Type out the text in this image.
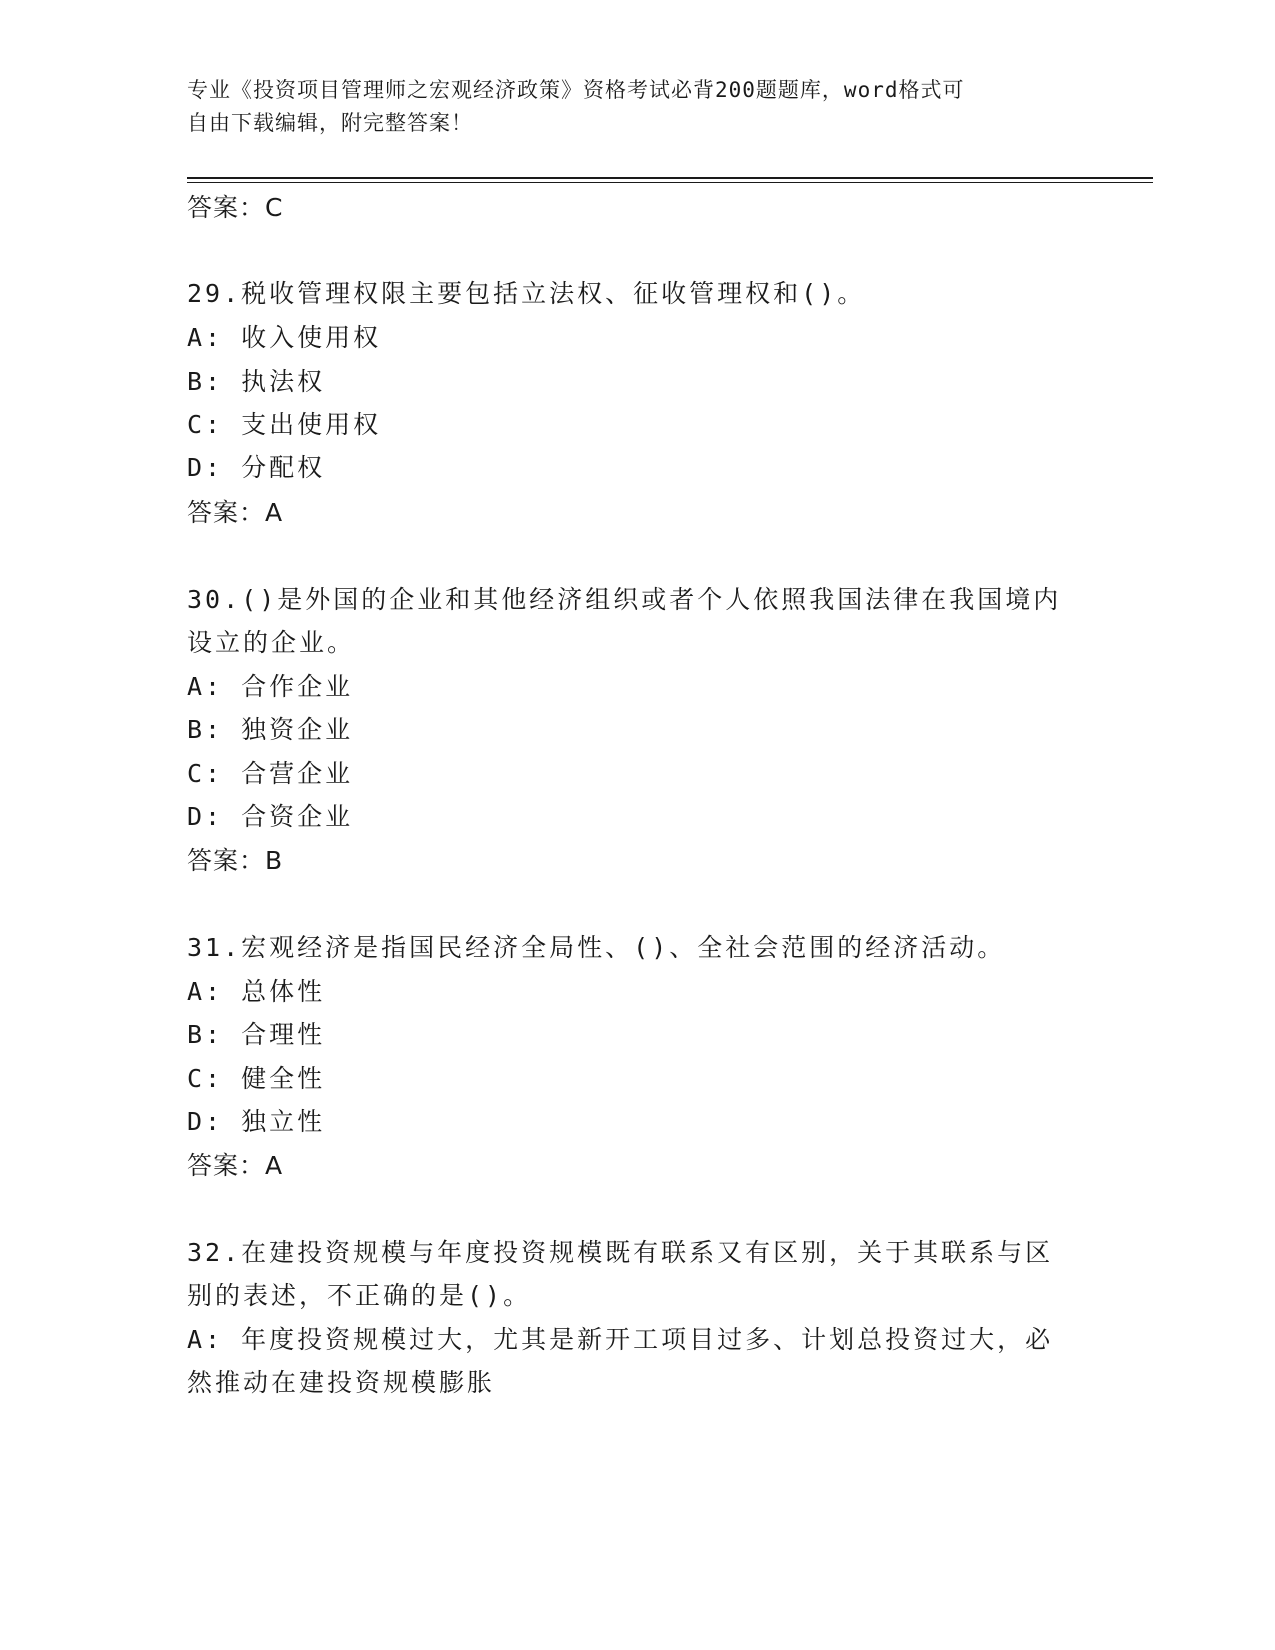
专业《投资项目管理师之宏观经济政策》资格考试必背200题题库，word格式可
自由下载编辑，附完整答案！
答案：C
29.税收管理权限主要包括立法权、征收管理权和()。
A: 收入使用权
B: 执法权
C: 支出使用权
D: 分配权
答案：A
30.()是外国的企业和其他经济组织或者个人依照我国法律在我国境内
设立的企业。
A: 合作企业
B: 独资企业
C: 合营企业
D: 合资企业
答案：B
31.宏观经济是指国民经济全局性、()、全社会范围的经济活动。
A: 总体性
B: 合理性
C: 健全性
D: 独立性
答案：A
32.在建投资规模与年度投资规模既有联系又有区别，关于其联系与区
别的表述，不正确的是()。
A: 年度投资规模过大，尤其是新开工项目过多、计划总投资过大，必
然推动在建投资规模膨胀
